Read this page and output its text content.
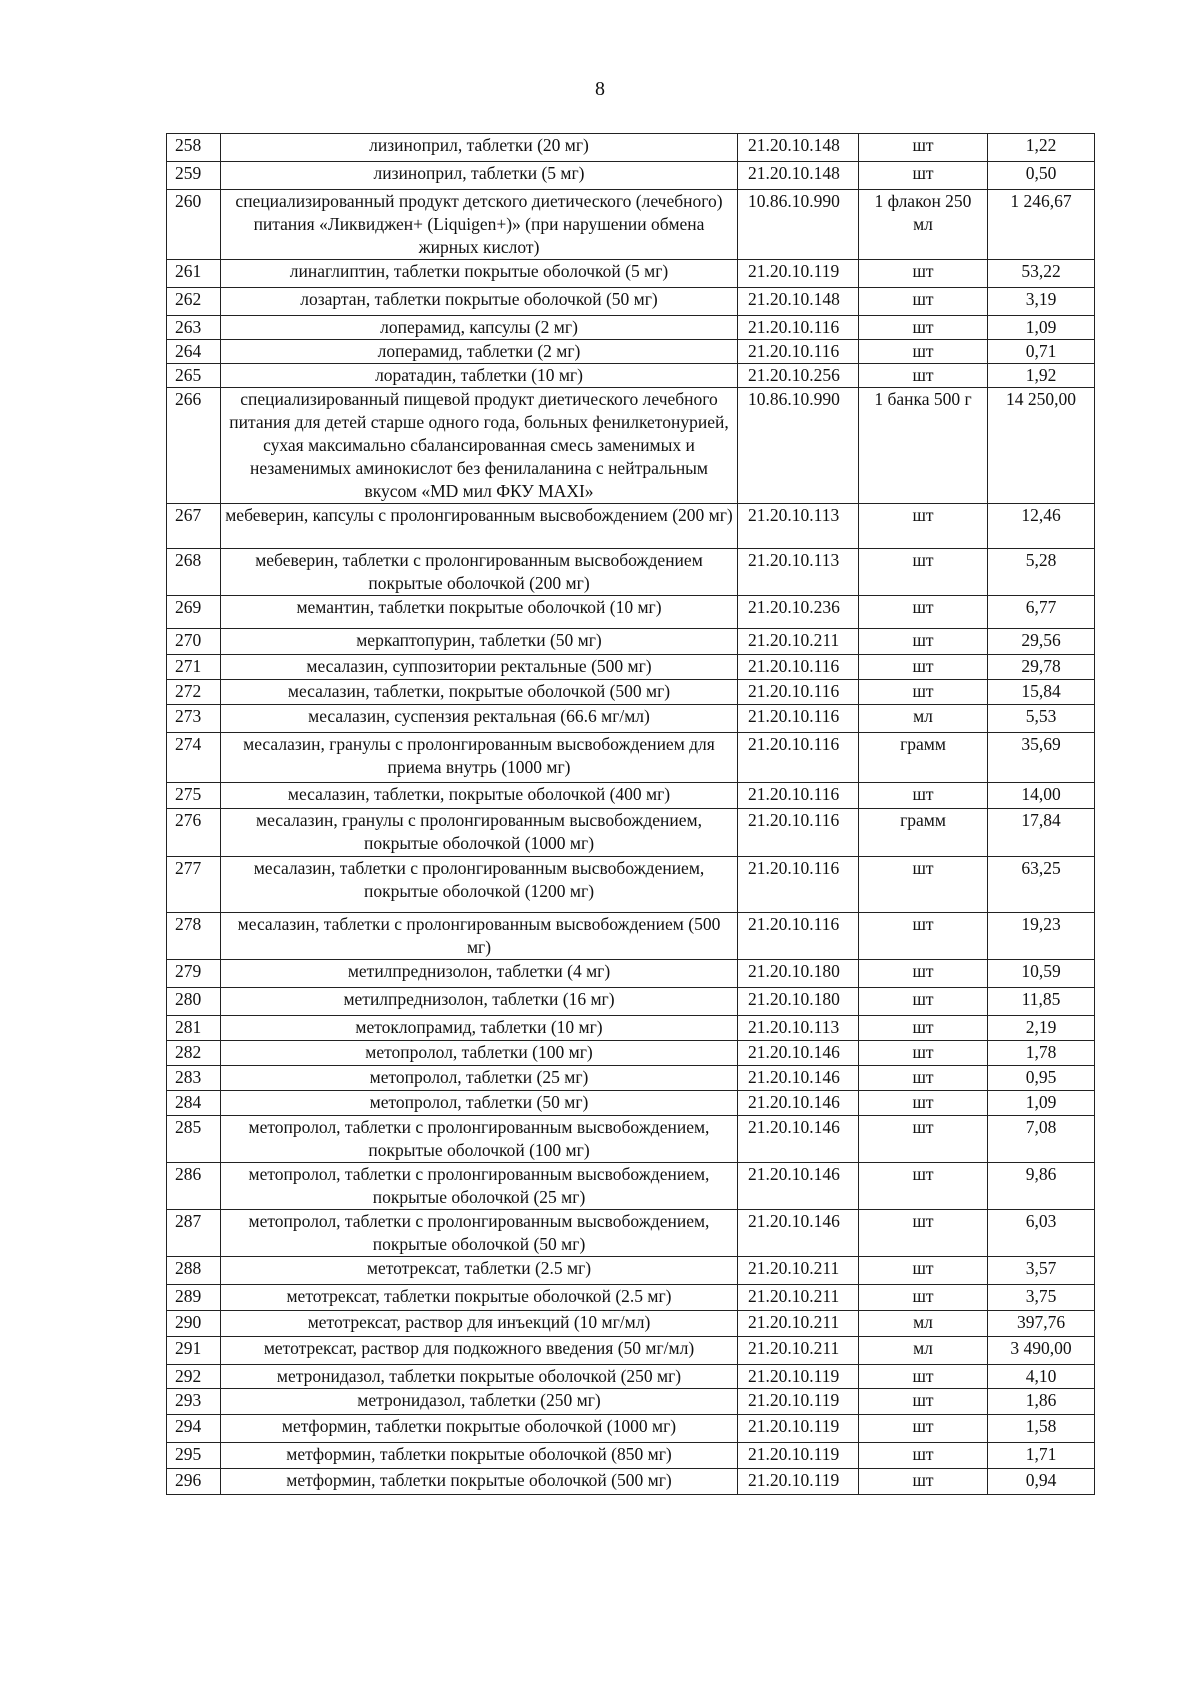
8
258	лизиноприл, таблетки (20 мг)	21.20.10.148	шт	1,22
259	лизиноприл, таблетки (5 мг)	21.20.10.148	шт	0,50
260	специализированный продукт детского диетического (лечебного) питания «Ликвиджен+ (Liquigen+)» (при нарушении обмена жирных кислот)	10.86.10.990	1 флакон 250 мл	1 246,67
261	линаглиптин, таблетки покрытые оболочкой (5 мг)	21.20.10.119	шт	53,22
262	лозартан, таблетки покрытые оболочкой (50 мг)	21.20.10.148	шт	3,19
263	лоперамид, капсулы (2 мг)	21.20.10.116	шт	1,09
264	лоперамид, таблетки (2 мг)	21.20.10.116	шт	0,71
265	лоратадин, таблетки (10 мг)	21.20.10.256	шт	1,92
266	специализированный пищевой продукт диетического лечебного питания для детей старше одного года, больных фенилкетонурией, сухая максимально сбалансированная смесь заменимых и незаменимых аминокислот без фенилаланина с нейтральным вкусом «MD мил ФКУ MAXI»	10.86.10.990	1 банка 500 г	14 250,00
267	мебеверин, капсулы с пролонгированным высвобождением (200 мг)	21.20.10.113	шт	12,46
268	мебеверин, таблетки с пролонгированным высвобождением покрытые оболочкой (200 мг)	21.20.10.113	шт	5,28
269	мемантин, таблетки покрытые оболочкой (10 мг)	21.20.10.236	шт	6,77
270	меркаптопурин, таблетки (50 мг)	21.20.10.211	шт	29,56
271	месалазин, суппозитории ректальные (500 мг)	21.20.10.116	шт	29,78
272	месалазин, таблетки, покрытые оболочкой (500 мг)	21.20.10.116	шт	15,84
273	месалазин, суспензия ректальная (66.6 мг/мл)	21.20.10.116	мл	5,53
274	месалазин, гранулы с пролонгированным высвобождением для приема внутрь (1000 мг)	21.20.10.116	грамм	35,69
275	месалазин, таблетки, покрытые оболочкой (400 мг)	21.20.10.116	шт	14,00
276	месалазин, гранулы с пролонгированным высвобождением, покрытые оболочкой (1000 мг)	21.20.10.116	грамм	17,84
277	месалазин, таблетки с пролонгированным высвобождением, покрытые оболочкой (1200 мг)	21.20.10.116	шт	63,25
278	месалазин, таблетки с пролонгированным высвобождением (500 мг)	21.20.10.116	шт	19,23
279	метилпреднизолон, таблетки (4 мг)	21.20.10.180	шт	10,59
280	метилпреднизолон, таблетки (16 мг)	21.20.10.180	шт	11,85
281	метоклопрамид, таблетки (10 мг)	21.20.10.113	шт	2,19
282	метопролол, таблетки (100 мг)	21.20.10.146	шт	1,78
283	метопролол, таблетки (25 мг)	21.20.10.146	шт	0,95
284	метопролол, таблетки (50 мг)	21.20.10.146	шт	1,09
285	метопролол, таблетки с пролонгированным высвобождением, покрытые оболочкой (100 мг)	21.20.10.146	шт	7,08
286	метопролол, таблетки с пролонгированным высвобождением, покрытые оболочкой (25 мг)	21.20.10.146	шт	9,86
287	метопролол, таблетки с пролонгированным высвобождением, покрытые оболочкой (50 мг)	21.20.10.146	шт	6,03
288	метотрексат, таблетки (2.5 мг)	21.20.10.211	шт	3,57
289	метотрексат, таблетки покрытые оболочкой (2.5 мг)	21.20.10.211	шт	3,75
290	метотрексат, раствор для инъекций (10 мг/мл)	21.20.10.211	мл	397,76
291	метотрексат, раствор для подкожного введения (50 мг/мл)	21.20.10.211	мл	3 490,00
292	метронидазол, таблетки покрытые оболочкой (250 мг)	21.20.10.119	шт	4,10
293	метронидазол, таблетки (250 мг)	21.20.10.119	шт	1,86
294	метформин, таблетки покрытые оболочкой (1000 мг)	21.20.10.119	шт	1,58
295	метформин, таблетки покрытые оболочкой (850 мг)	21.20.10.119	шт	1,71
296	метформин, таблетки покрытые оболочкой (500 мг)	21.20.10.119	шт	0,94
